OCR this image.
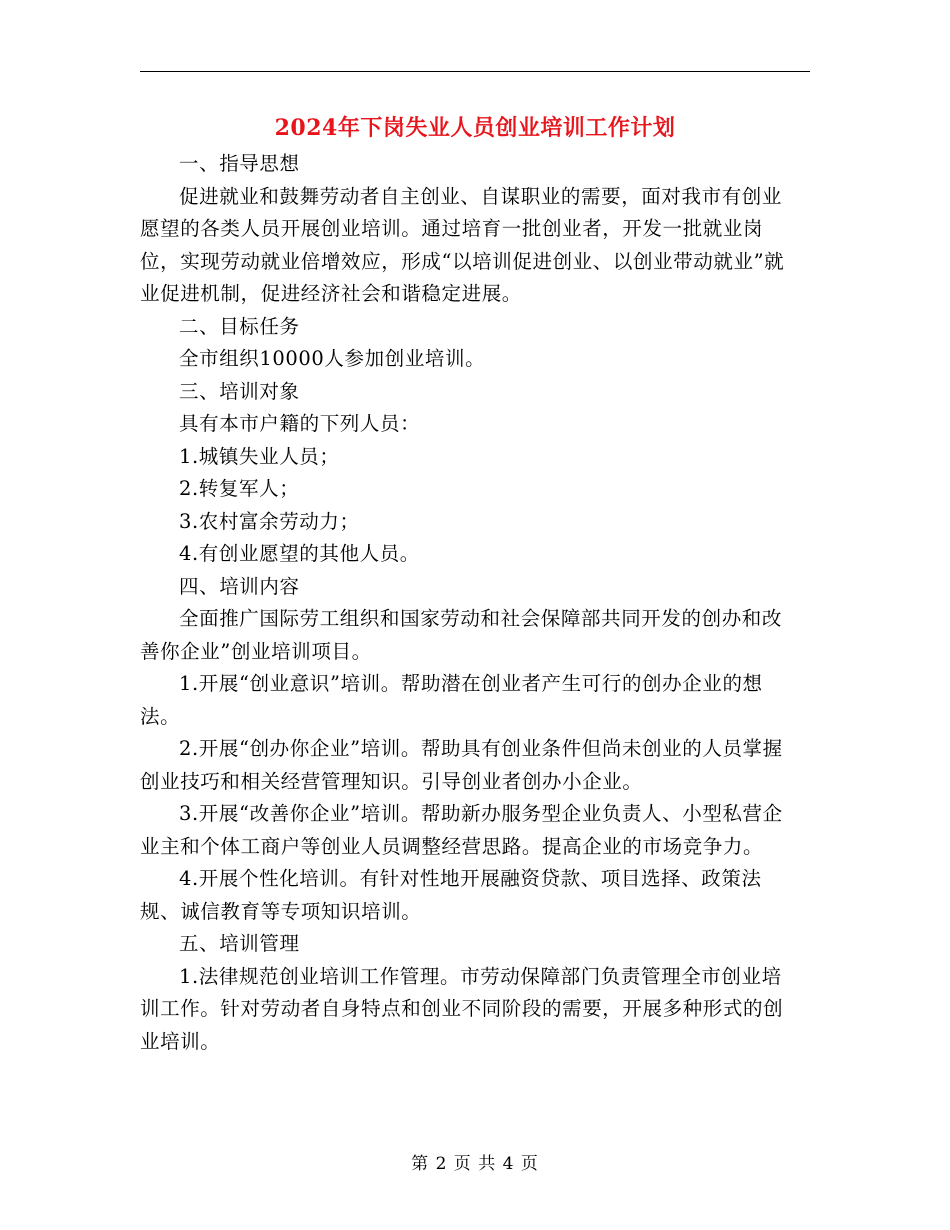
2024年下岗失业人员创业培训工作计划

一、指导思想

促进就业和鼓舞劳动者自主创业、自谋职业的需要，面对我市有创业愿望的各类人员开展创业培训。通过培育一批创业者，开发一批就业岗位，实现劳动就业倍增效应，形成“以培训促进创业、以创业带动就业”就业促进机制，促进经济社会和谐稳定进展。

二、目标任务

全市组织10000人参加创业培训。

三、培训对象

具有本市户籍的下列人员：

1.城镇失业人员；

2.转复军人；

3.农村富余劳动力；

4.有创业愿望的其他人员。

四、培训内容

全面推广国际劳工组织和国家劳动和社会保障部共同开发的创办和改善你企业”创业培训项目。

1.开展“创业意识”培训。帮助潜在创业者产生可行的创办企业的想法。

2.开展“创办你企业”培训。帮助具有创业条件但尚未创业的人员掌握创业技巧和相关经营管理知识。引导创业者创办小企业。

3.开展“改善你企业”培训。帮助新办服务型企业负责人、小型私营企业主和个体工商户等创业人员调整经营思路。提高企业的市场竞争力。

4.开展个性化培训。有针对性地开展融资贷款、项目选择、政策法规、诚信教育等专项知识培训。

五、培训管理

1.法律规范创业培训工作管理。市劳动保障部门负责管理全市创业培训工作。针对劳动者自身特点和创业不同阶段的需要，开展多种形式的创业培训。

第 2 页 共 4 页
